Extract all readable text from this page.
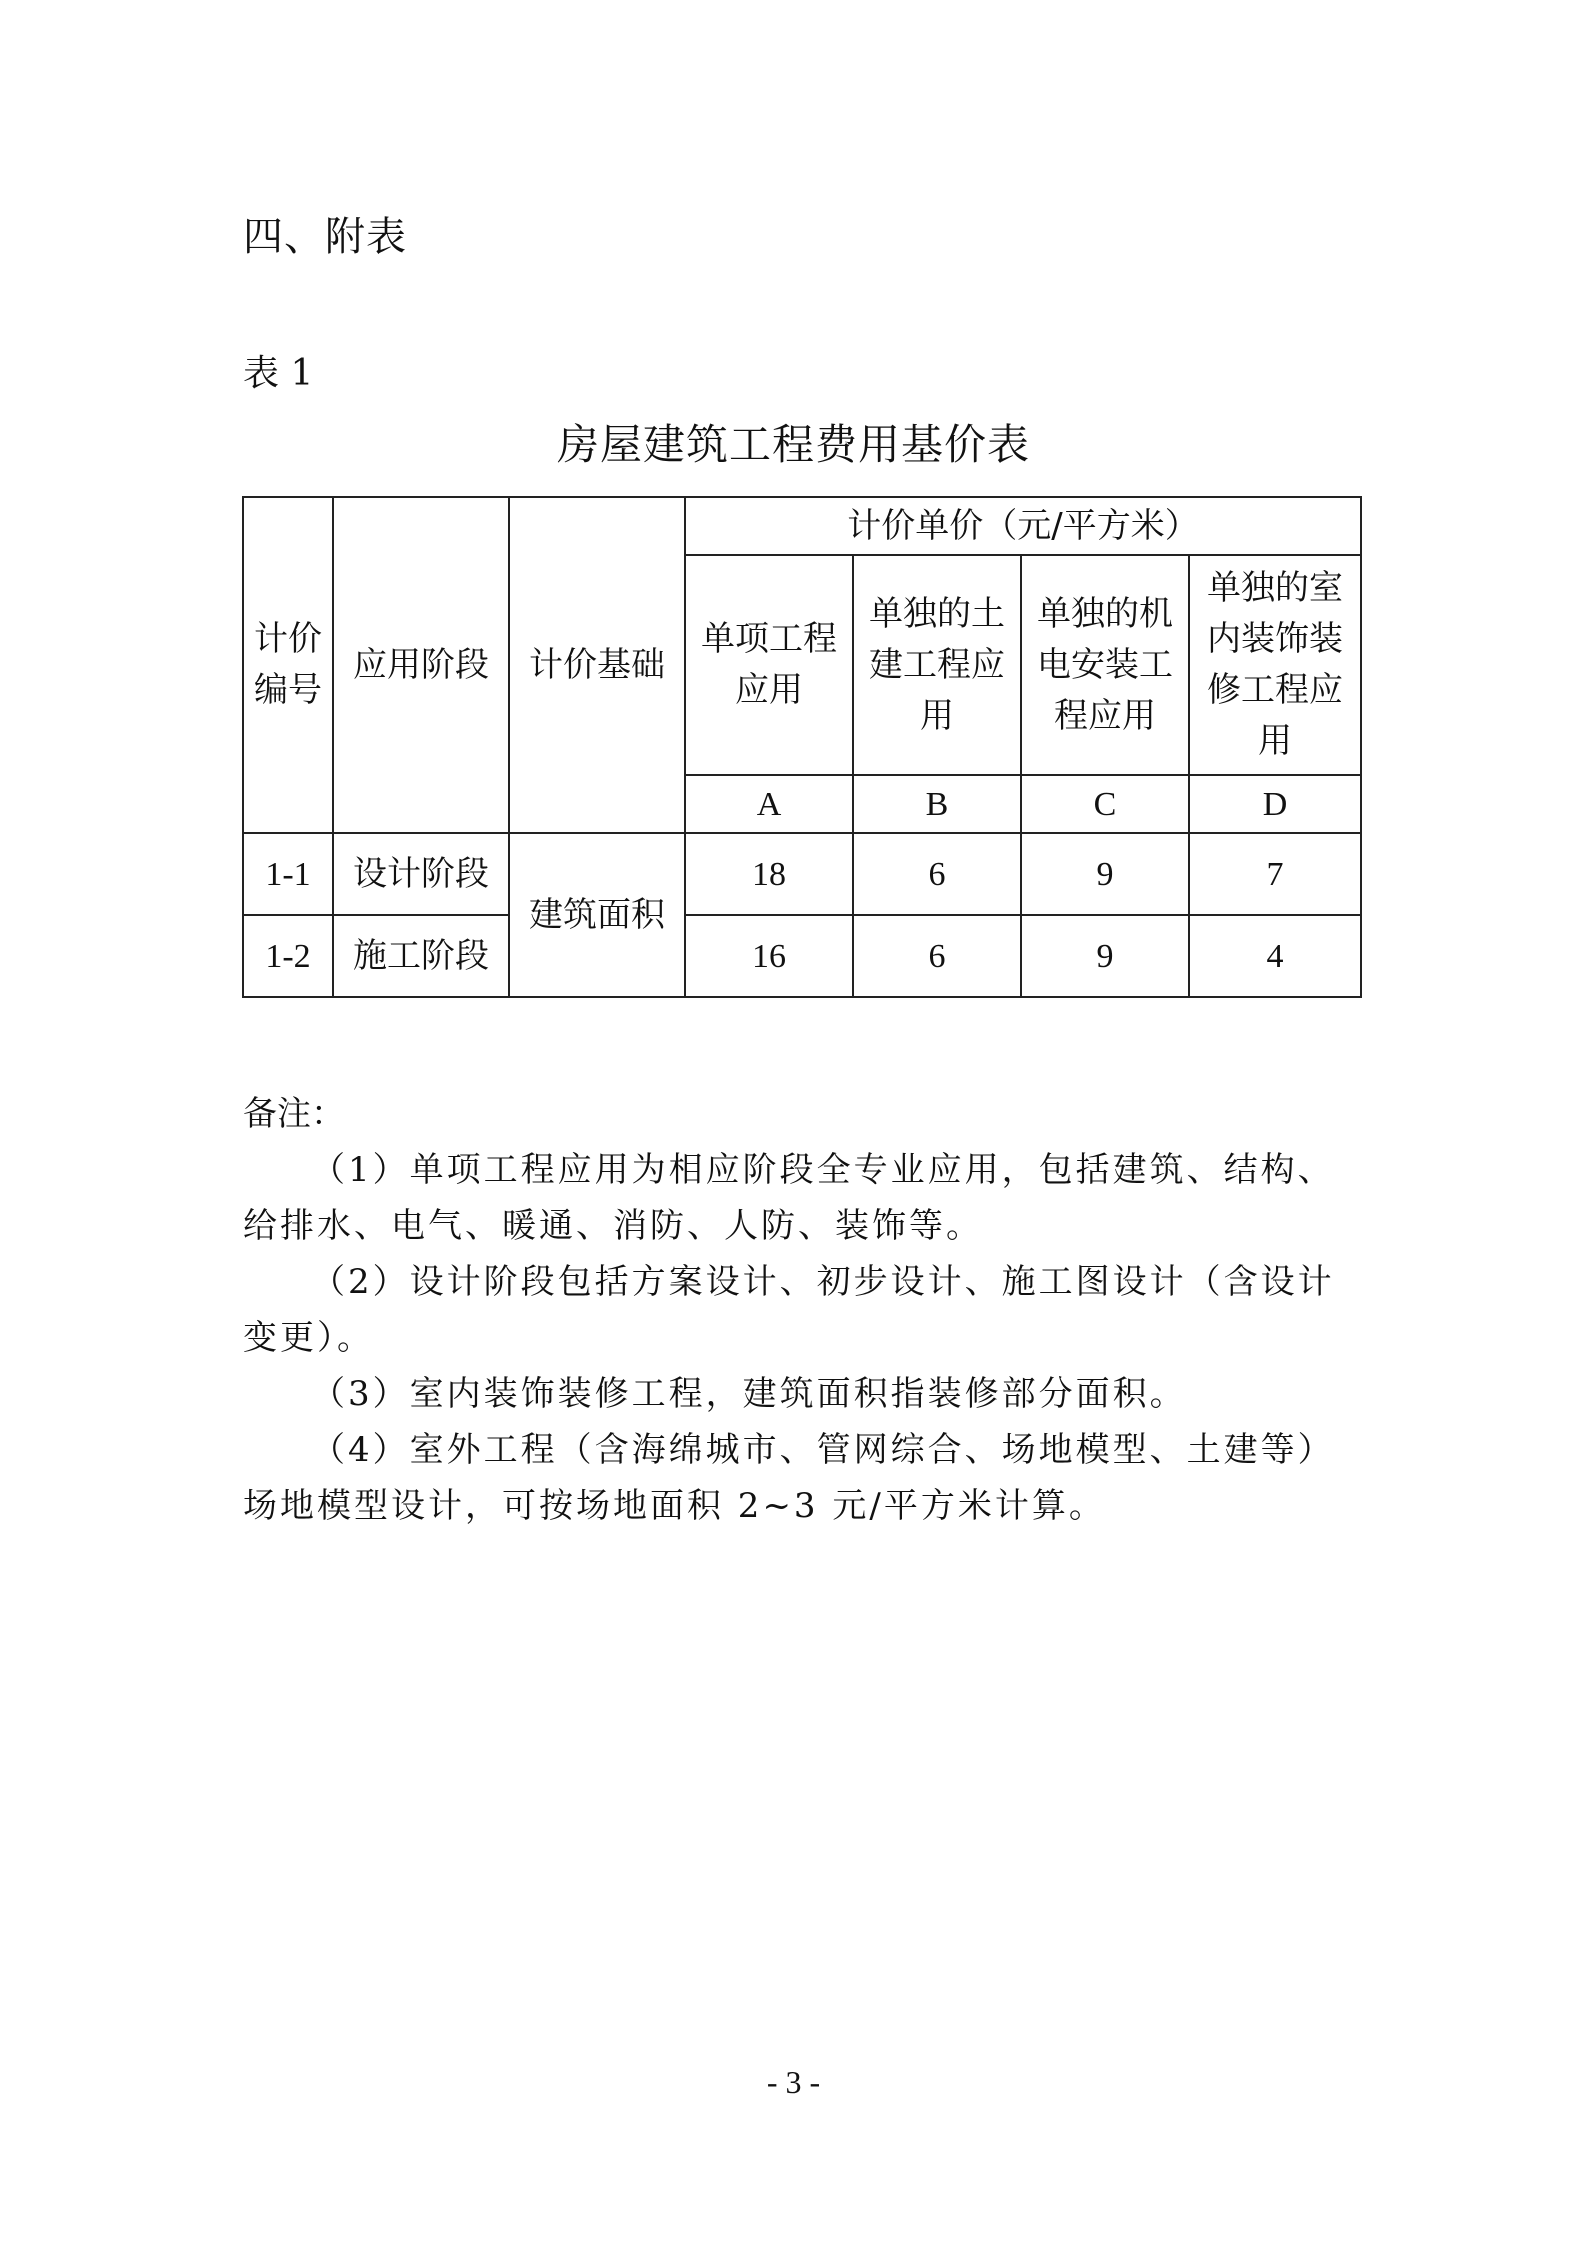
四、附表
表 1
房屋建筑工程费用基价表
计价编号	应用阶段	计价基础	计价单价（元/平方米）			
			单项工程应用	单独的土建工程应用	单独的机电安装工程应用	单独的室内装饰装修工程应用
			A	B	C	D
1-1	设计阶段	建筑面积	18	6	9	7
1-2	施工阶段		16	6	9	4
备注：

（1）单项工程应用为相应阶段全专业应用，包括建筑、结构、给排水、电气、暖通、消防、人防、装饰等。

（2）设计阶段包括方案设计、初步设计、施工图设计（含设计变更）。

（3）室内装饰装修工程，建筑面积指装修部分面积。

（4）室外工程（含海绵城市、管网综合、场地模型、土建等）场地模型设计，可按场地面积 2~3 元/平方米计算。

- 3 -
